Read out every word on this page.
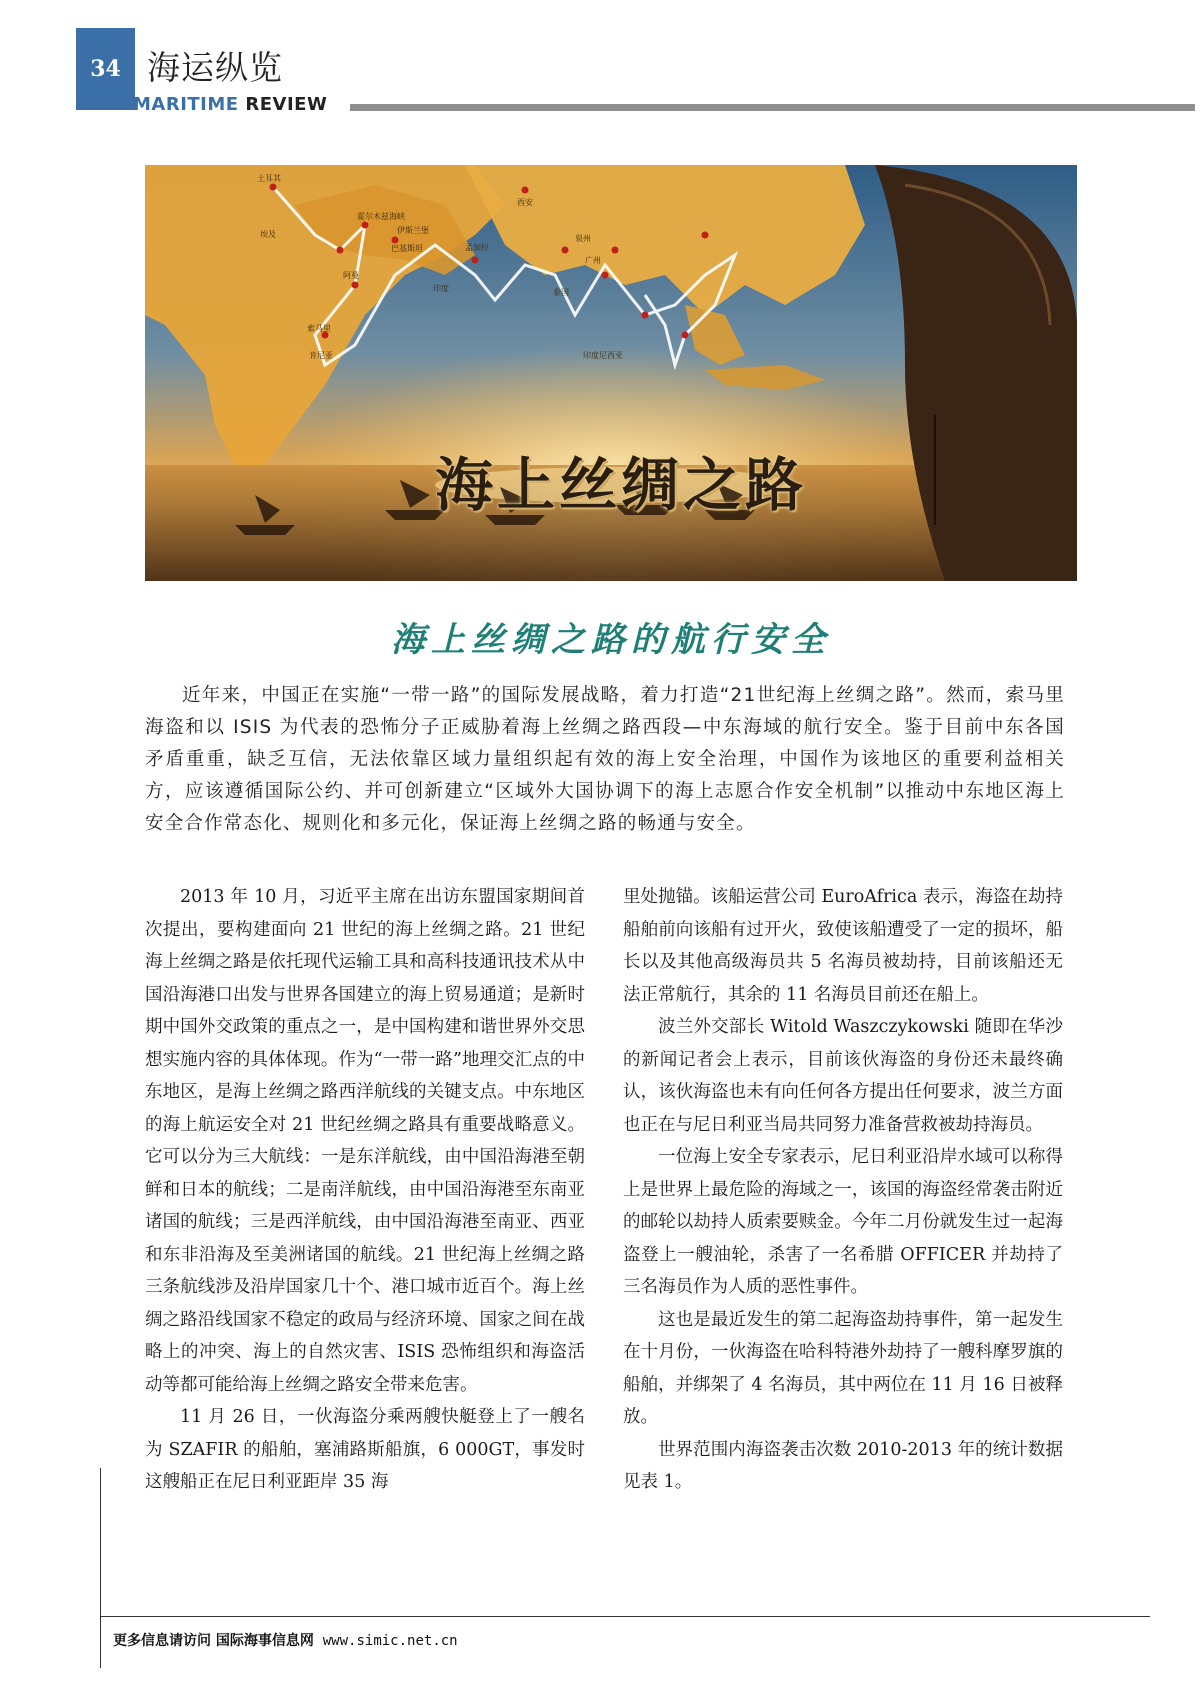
34 海运纵览
MARITIME REVIEW
土耳其
西安
霍尔木兹海峡
埃及	伊斯兰堡
巴基斯坦	孟加拉
泉州
广州
阿曼
印度	泰国
索马里
肯尼亚	印度尼西亚
海上丝绸之路
海上丝绸之路的航行安全
近年来，中国正在实施“一带一路”的国际发展战略，着力打造“21世纪海上丝绸之路”。然而，索马里海盗和以 ISIS 为代表的恐怖分子正威胁着海上丝绸之路西段—中东海域的航行安全。鉴于目前中东各国矛盾重重，缺乏互信，无法依靠区域力量组织起有效的海上安全治理，中国作为该地区的重要利益相关方，应该遵循国际公约、并可创新建立“区域外大国协调下的海上志愿合作安全机制”以推动中东地区海上安全合作常态化、规则化和多元化，保证海上丝绸之路的畅通与安全。

2013 年 10 月，习近平主席在出访东盟国家期间首次提出，要构建面向 21 世纪的海上丝绸之路。21 世纪海上丝绸之路是依托现代运输工具和高科技通讯技术从中国沿海港口出发与世界各国建立的海上贸易通道；是新时期中国外交政策的重点之一，是中国构建和谐世界外交思想实施内容的具体体现。作为“一带一路”地理交汇点的中东地区，是海上丝绸之路西洋航线的关键支点。中东地区的海上航运安全对 21 世纪丝绸之路具有重要战略意义。它可以分为三大航线：一是东洋航线，由中国沿海港至朝鲜和日本的航线；二是南洋航线，由中国沿海港至东南亚诸国的航线；三是西洋航线，由中国沿海港至南亚、西亚和东非沿海及至美洲诸国的航线。21 世纪海上丝绸之路三条航线涉及沿岸国家几十个、港口城市近百个。海上丝绸之路沿线国家不稳定的政局与经济环境、国家之间在战略上的冲突、海上的自然灾害、ISIS 恐怖组织和海盗活动等都可能给海上丝绸之路安全带来危害。

11 月 26 日，一伙海盗分乘两艘快艇登上了一艘名为 SZAFIR 的船舶，塞浦路斯船旗，6 000GT，事发时这艘船正在尼日利亚距岸 35 海

里处抛锚。该船运营公司 EuroAfrica 表示，海盗在劫持船舶前向该船有过开火，致使该船遭受了一定的损坏，船长以及其他高级海员共 5 名海员被劫持，目前该船还无法正常航行，其余的 11 名海员目前还在船上。

波兰外交部长 Witold Waszczykowski 随即在华沙的新闻记者会上表示，目前该伙海盗的身份还未最终确认，该伙海盗也未有向任何各方提出任何要求，波兰方面也正在与尼日利亚当局共同努力准备营救被劫持海员。

一位海上安全专家表示，尼日利亚沿岸水域可以称得上是世界上最危险的海域之一，该国的海盗经常袭击附近的邮轮以劫持人质索要赎金。今年二月份就发生过一起海盗登上一艘油轮，杀害了一名希腊 OFFICER 并劫持了三名海员作为人质的恶性事件。

这也是最近发生的第二起海盗劫持事件，第一起发生在十月份，一伙海盗在哈科特港外劫持了一艘科摩罗旗的船舶，并绑架了 4 名海员，其中两位在 11 月 16 日被释放。

世界范围内海盗袭击次数 2010-2013 年的统计数据见表 1。

更多信息请访问 国际海事信息网 www.simic.net.cn
